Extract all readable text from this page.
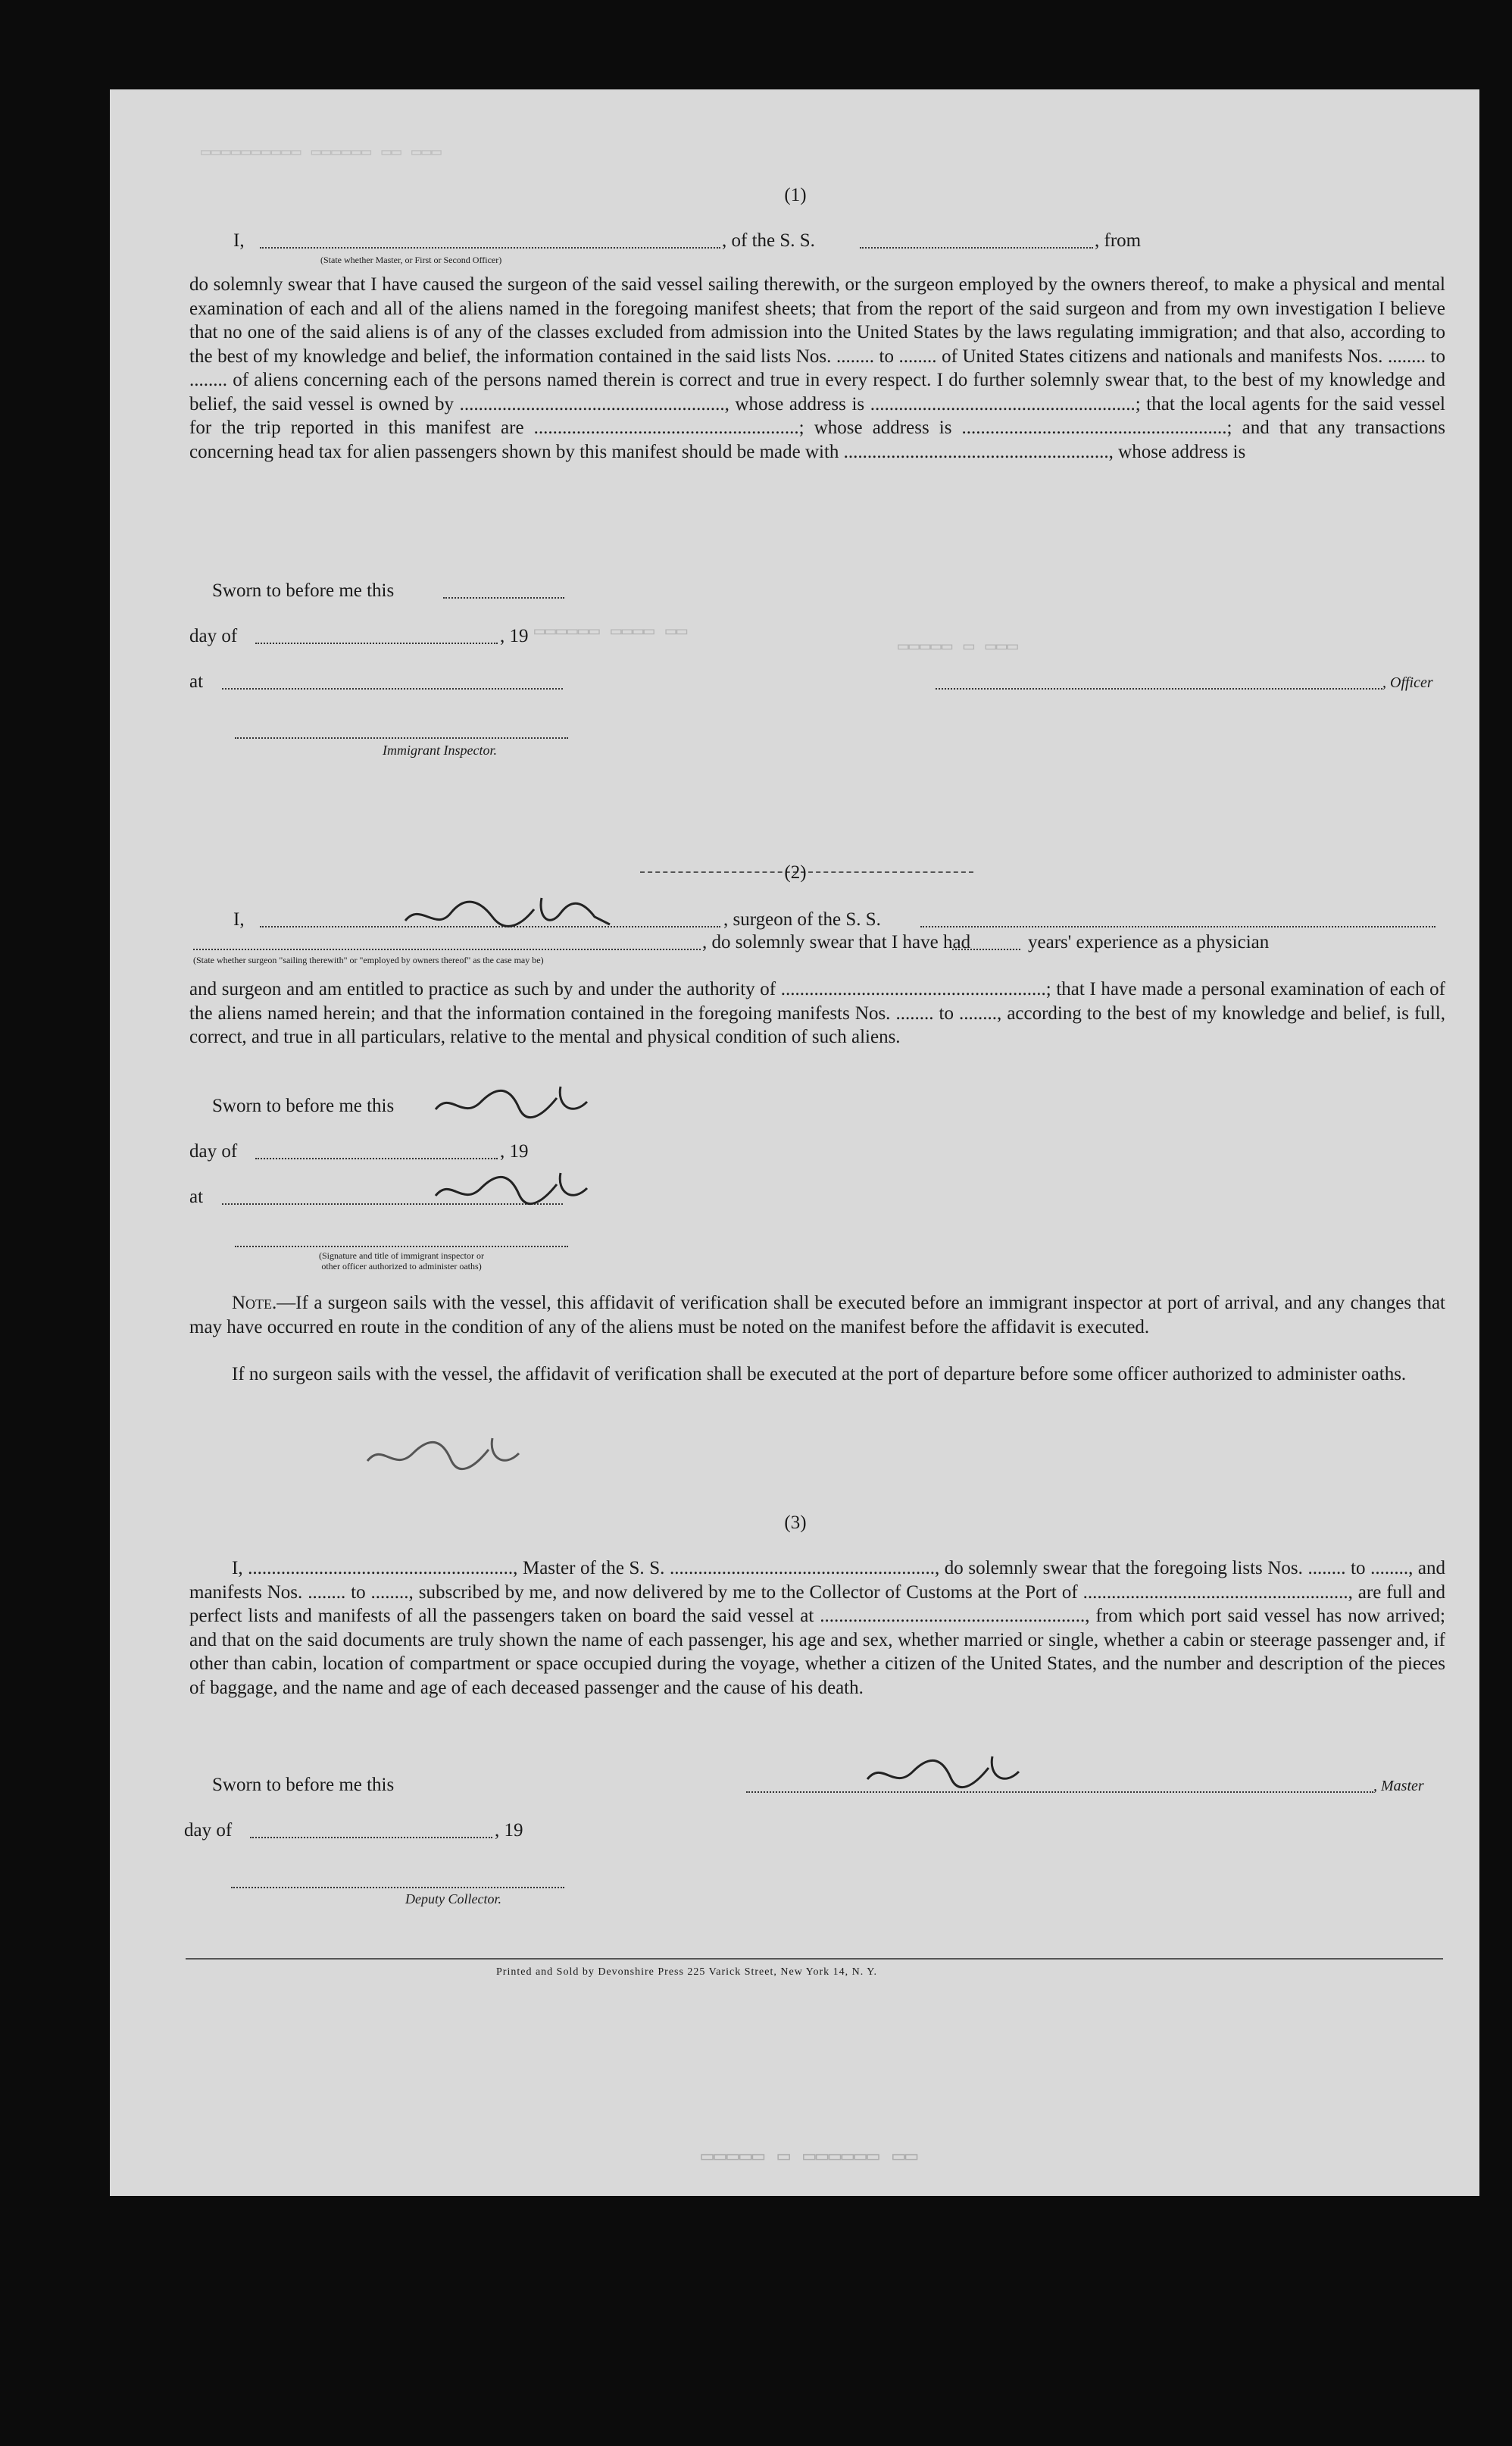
▭▭▭ ▭▭ ▭▭▭▭▭▭ ▭▭▭▭▭▭▭▭▭▭
▭▭ ▭▭▭▭ ▭▭▭▭▭▭
▭▭▭ ▭ ▭▭▭▭▭
▭▭ ▭▭▭▭▭▭ ▭ ▭▭▭▭▭
(1)
I,
(State whether Master, or First or Second Officer)
, of the S. S.	, from
do solemnly swear that I have caused the surgeon of the said vessel sailing therewith, or the surgeon employed by the owners thereof, to make a physical and mental examination of each and all of the aliens named in the foregoing manifest sheets; that from the report of the said surgeon and from my own investigation I believe that no one of the said aliens is of any of the classes excluded from admission into the United States by the laws regulating immigration; and that also, according to the best of my knowledge and belief, the information contained in the said lists Nos. ........ to ........ of United States citizens and nationals and manifests Nos. ........ to ........ of aliens concerning each of the persons named therein is correct and true in every respect. I do further solemnly swear that, to the best of my knowledge and belief, the said vessel is owned by ........................................................, whose address is ........................................................; that the local agents for the said vessel for the trip reported in this manifest are ........................................................; whose address is ........................................................; and that any transactions concerning head tax for alien passengers shown by this manifest should be made with ........................................................, whose address is
Sworn to before me this
day of	, 19
at	, Officer
Immigrant Inspector.
(2)
I,	, surgeon of the S. S.
(State whether surgeon "sailing therewith" or "employed by owners thereof" as the case may be)
, do solemnly swear that I have had	years' experience as a physician
and surgeon and am entitled to practice as such by and under the authority of ........................................................; that I have made a personal examination of each of the aliens named herein; and that the information contained in the foregoing manifests Nos. ........ to ........, according to the best of my knowledge and belief, is full, correct, and true in all particulars, relative to the mental and physical condition of such aliens.
Sworn to before me this
day of	, 19
at
(Signature and title of immigrant inspector or
other officer authorized to administer oaths)
Note.—If a surgeon sails with the vessel, this affidavit of verification shall be executed before an immigrant inspector at port of arrival, and any changes that may have occurred en route in the condition of any of the aliens must be noted on the manifest before the affidavit is executed.
If no surgeon sails with the vessel, the affidavit of verification shall be executed at the port of departure before some officer authorized to administer oaths.
(3)
I, ........................................................, Master of the S. S. ........................................................, do solemnly swear that the foregoing lists Nos. ........ to ........, and manifests Nos. ........ to ........, subscribed by me, and now delivered by me to the Collector of Customs at the Port of ........................................................, are full and perfect lists and manifests of all the passengers taken on board the said vessel at ........................................................, from which port said vessel has now arrived; and that on the said documents are truly shown the name of each passenger, his age and sex, whether married or single, whether a cabin or steerage passenger and, if other than cabin, location of compartment or space occupied during the voyage, whether a citizen of the United States, and the number and description of the pieces of baggage, and the name and age of each deceased passenger and the cause of his death.
Sworn to before me this	, Master
day of	, 19
Deputy Collector.
Printed and Sold by Devonshire Press 225 Varick Street, New York 14, N. Y.
